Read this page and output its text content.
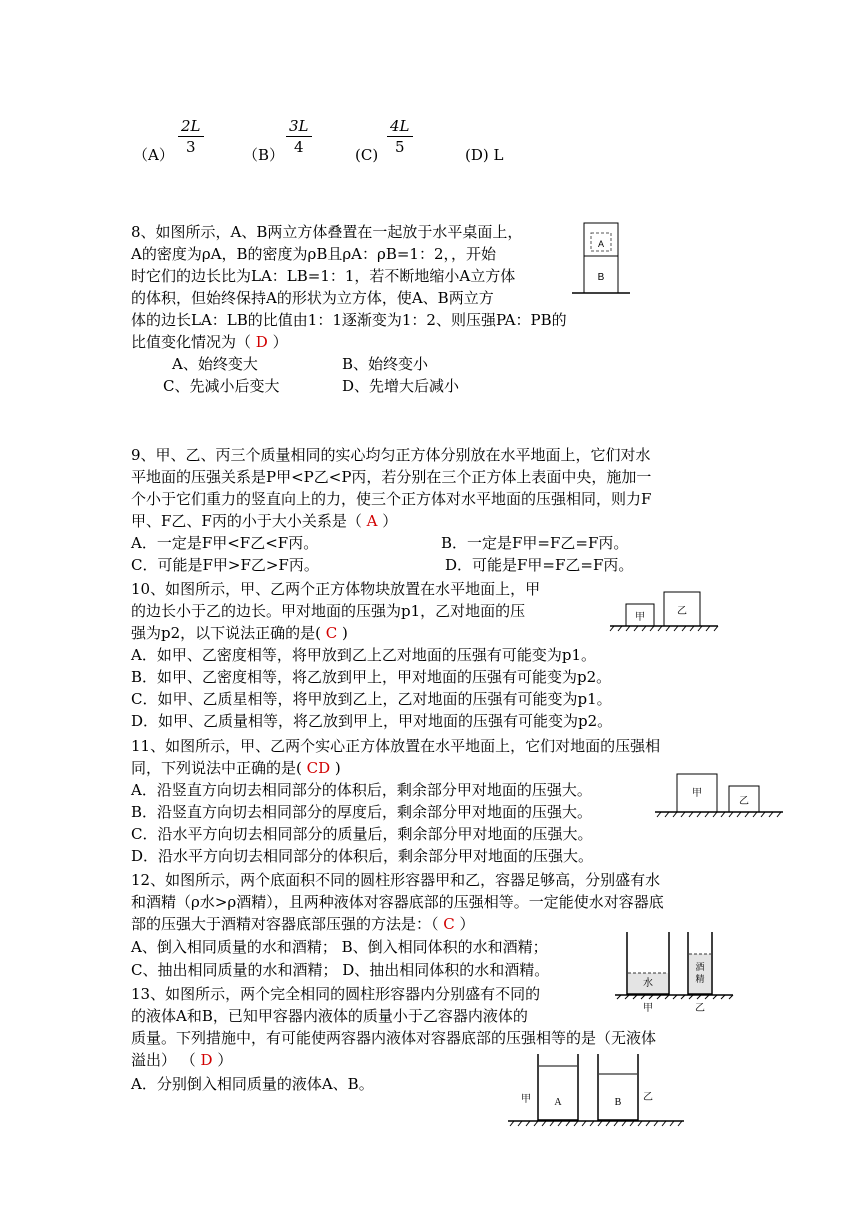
$(A) \frac{2L}{3}$	$(B) \frac{3L}{4}$	$(C) \frac{4L}{5}$	(D) L
8、如图所示，A、B两立方体叠置在一起放于水平桌面上，
A的密度为ρA，B的密度为ρB且ρA：ρB=1：2，，开始
时它们的边长比为LA：LB=1：1，若不断地缩小A立方体
的体积，但始终保持A的形状为立方体，使A、B两立方
体的边长LA：LB的比值由1：1逐渐变为1：2、则压强PA：PB的
比值变化情况为（ D ）
A、始终变大	B、始终变小
C、先减小后变大	D、先增大后减小
A
B
9、甲、乙、丙三个质量相同的实心均匀正方体分别放在水平地面上，它们对水
平地面的压强关系是P甲<P乙<P丙，若分别在三个正方体上表面中央，施加一
个小于它们重力的竖直向上的力，使三个正方体对水平地面的压强相同，则力F
甲、F乙、F丙的小于大小关系是（ A ）
A．一定是F甲<F乙<F丙。	B．一定是F甲=F乙=F丙。
C．可能是F甲>F乙>F丙。	D．可能是F甲=F乙=F丙。
10、如图所示，甲、乙两个正方体物块放置在水平地面上，甲
的边长小于乙的边长。甲对地面的压强为p1，乙对地面的压
强为p2，以下说法正确的是( C )
A．如甲、乙密度相等，将甲放到乙上乙对地面的压强有可能变为p1。
B．如甲、乙密度相等，将乙放到甲上，甲对地面的压强有可能变为p2。
C．如甲、乙质星相等，将甲放到乙上，乙对地面的压强有可能变为p1。
D．如甲、乙质量相等，将乙放到甲上，甲对地面的压强有可能变为p2。
甲
乙
11、如图所示，甲、乙两个实心正方体放置在水平地面上，它们对地面的压强相
同，下列说法中正确的是( CD )
A．沿竖直方向切去相同部分的体积后，剩余部分甲对地面的压强大。
B．沿竖直方向切去相同部分的厚度后，剩余部分甲对地面的压强大。
C．沿水平方向切去相同部分的质量后，剩余部分甲对地面的压强大。
D．沿水平方向切去相同部分的体积后，剩余部分甲对地面的压强大。
甲
乙
12、如图所示，两个底面积不同的圆柱形容器甲和乙，容器足够高，分别盛有水
和酒精（ρ水>ρ酒精），且两种液体对容器底部的压强相等。一定能使水对容器底
部的压强大于酒精对容器底部压强的方法是：（ C ）
A、倒入相同质量的水和酒精； B、倒入相同体积的水和酒精；
C、抽出相同质量的水和酒精； D、抽出相同体积的水和酒精。
水
酒
精
甲	乙
13、如图所示，两个完全相同的圆柱形容器内分别盛有不同的
的液体A和B，已知甲容器内液体的质量小于乙容器内液体的
质量。下列措施中，有可能使两容器内液体对容器底部的压强相等的是（无液体
溢出） （ D ）
A．分别倒入相同质量的液体A、B。
A	B
甲	乙
